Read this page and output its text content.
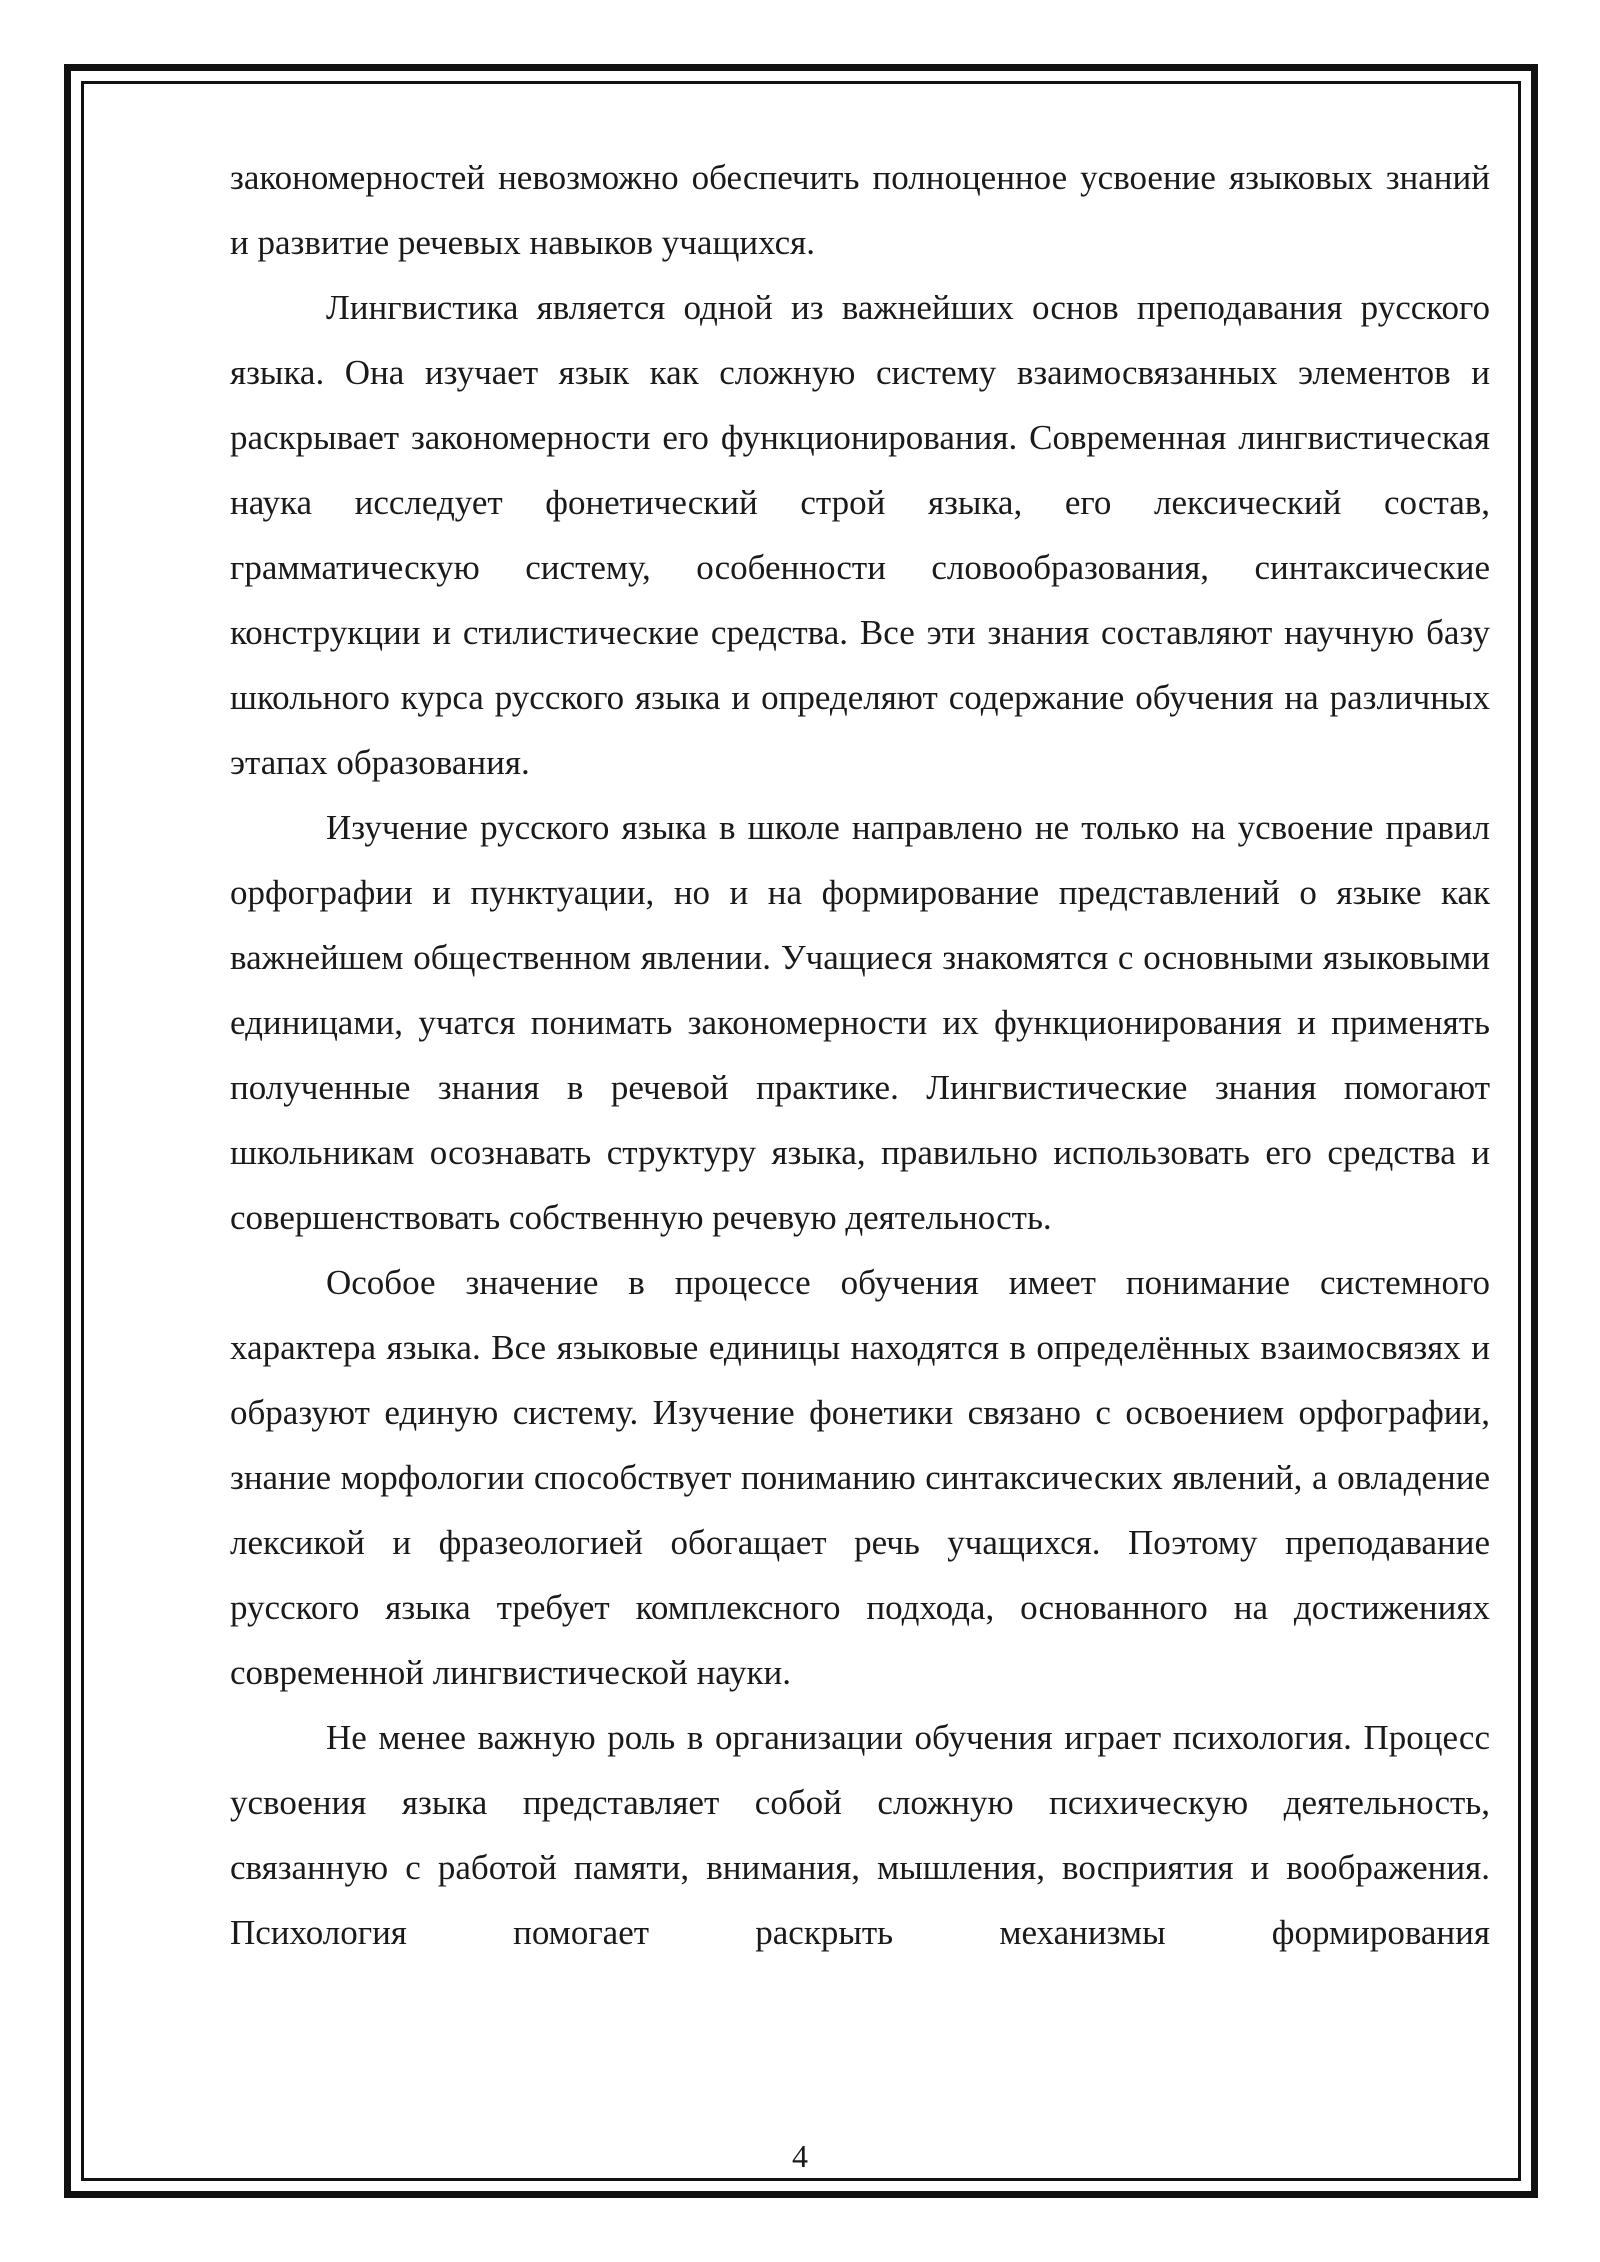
закономерностей невозможно обеспечить полноценное усвоение языковых знаний и развитие речевых навыков учащихся.

Лингвистика является одной из важнейших основ преподавания русского языка. Она изучает язык как сложную систему взаимосвязанных элементов и раскрывает закономерности его функционирования. Современная лингвистическая наука исследует фонетический строй языка, его лексический состав, грамматическую систему, особенности словообразования, синтаксические конструкции и стилистические средства. Все эти знания составляют научную базу школьного курса русского языка и определяют содержание обучения на различных этапах образования.

Изучение русского языка в школе направлено не только на усвоение правил орфографии и пунктуации, но и на формирование представлений о языке как важнейшем общественном явлении. Учащиеся знакомятся с основными языковыми единицами, учатся понимать закономерности их функционирования и применять полученные знания в речевой практике. Лингвистические знания помогают школьникам осознавать структуру языка, правильно использовать его средства и совершенствовать собственную речевую деятельность.

Особое значение в процессе обучения имеет понимание системного характера языка. Все языковые единицы находятся в определённых взаимосвязях и образуют единую систему. Изучение фонетики связано с освоением орфографии, знание морфологии способствует пониманию синтаксических явлений, а овладение лексикой и фразеологией обогащает речь учащихся. Поэтому преподавание русского языка требует комплексного подхода, основанного на достижениях современной лингвистической науки.

Не менее важную роль в организации обучения играет психология. Процесс усвоения языка представляет собой сложную психическую деятельность, связанную с работой памяти, внимания, мышления, восприятия и воображения. Психология помогает раскрыть механизмы формирования

4
